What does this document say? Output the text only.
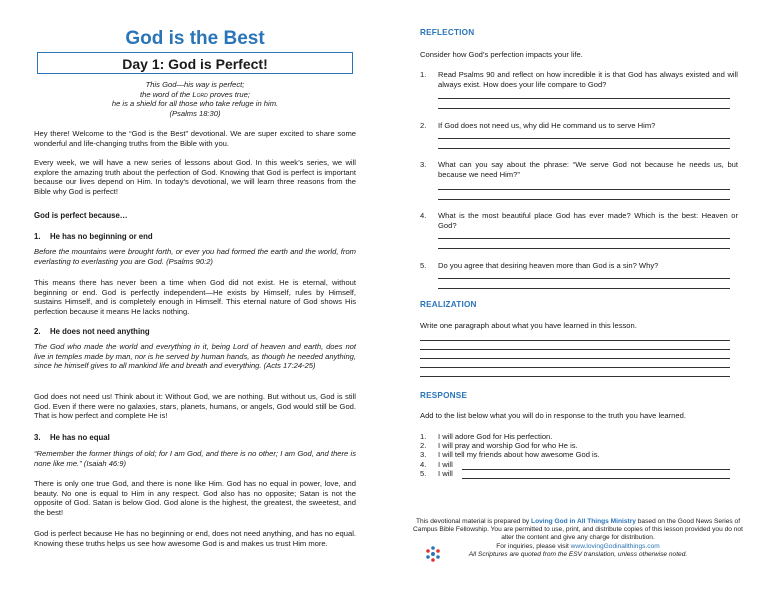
God is the Best
Day 1: God is Perfect!
This God—his way is perfect;
the word of the Lord proves true;
he is a shield for all those who take refuge in him.
(Psalms 18:30)

Hey there! Welcome to the “God is the Best” devotional. We are super excited to share some wonderful and life-changing truths from the Bible with you.

Every week, we will have a new series of lessons about God. In this week’s series, we will explore the amazing truth about the perfection of God. Knowing that God is perfect is important because our lives depend on Him. In today’s devotional, we will learn three reasons from the Bible why God is perfect!

God is perfect because…
1. He has no beginning or end

Before the mountains were brought forth, or ever you had formed the earth and the world, from everlasting to everlasting you are God. (Psalms 90:2)

This means there has never been a time when God did not exist. He is eternal, without beginning or end. God is perfectly independent—He exists by Himself, rules by Himself, sustains Himself, and is completely enough in Himself. This eternal nature of God shows His perfection because it means He lacks nothing.

2. He does not need anything

The God who made the world and everything in it, being Lord of heaven and earth, does not live in temples made by man, nor is he served by human hands, as though he needed anything, since he himself gives to all mankind life and breath and everything. (Acts 17:24-25)

God does not need us! Think about it: Without God, we are nothing. But without us, God is still God. Even if there were no galaxies, stars, planets, humans, or angels, God would still be God. That is how perfect and complete He is!

3. He has no equal

“Remember the former things of old; for I am God, and there is no other; I am God, and there is none like me.” (Isaiah 46:9)

There is only one true God, and there is none like Him. God has no equal in power, love, and beauty. No one is equal to Him in any respect. God also has no opposite; Satan is not the opposite of God. Satan is below God. God alone is the highest, the greatest, the sweetest, and the best!

God is perfect because He has no beginning or end, does not need anything, and has no equal. Knowing these truths helps us see how awesome God is and makes us trust Him more.

REFLECTION

Consider how God’s perfection impacts your life.

1. Read Psalms 90 and reflect on how incredible it is that God has always existed and will always exist. How does your life compare to God?
2. If God does not need us, why did He command us to serve Him?
3. What can you say about the phrase: “We serve God not because he needs us, but because we need Him?”
4. What is the most beautiful place God has ever made? Which is the best: Heaven or God?
5. Do you agree that desiring heaven more than God is a sin? Why?
REALIZATION

Write one paragraph about what you have learned in this lesson.

RESPONSE

Add to the list below what you will do in response to the truth you have learned.

1. I will adore God for His perfection.
2. I will pray and worship God for who He is.
3. I will tell my friends about how awesome God is.
4. I will
5. I will
This devotional material is prepared by Loving God in All Things Ministry based on the Good News Series of Campus Bible Fellowship. You are permitted to use, print, and distribute copies of this lesson provided you do not alter the content and give any charge for distribution.
For inquiries, please visit www.lovingGodinallthings.com
All Scriptures are quoted from the ESV translation, unless otherwise noted.
